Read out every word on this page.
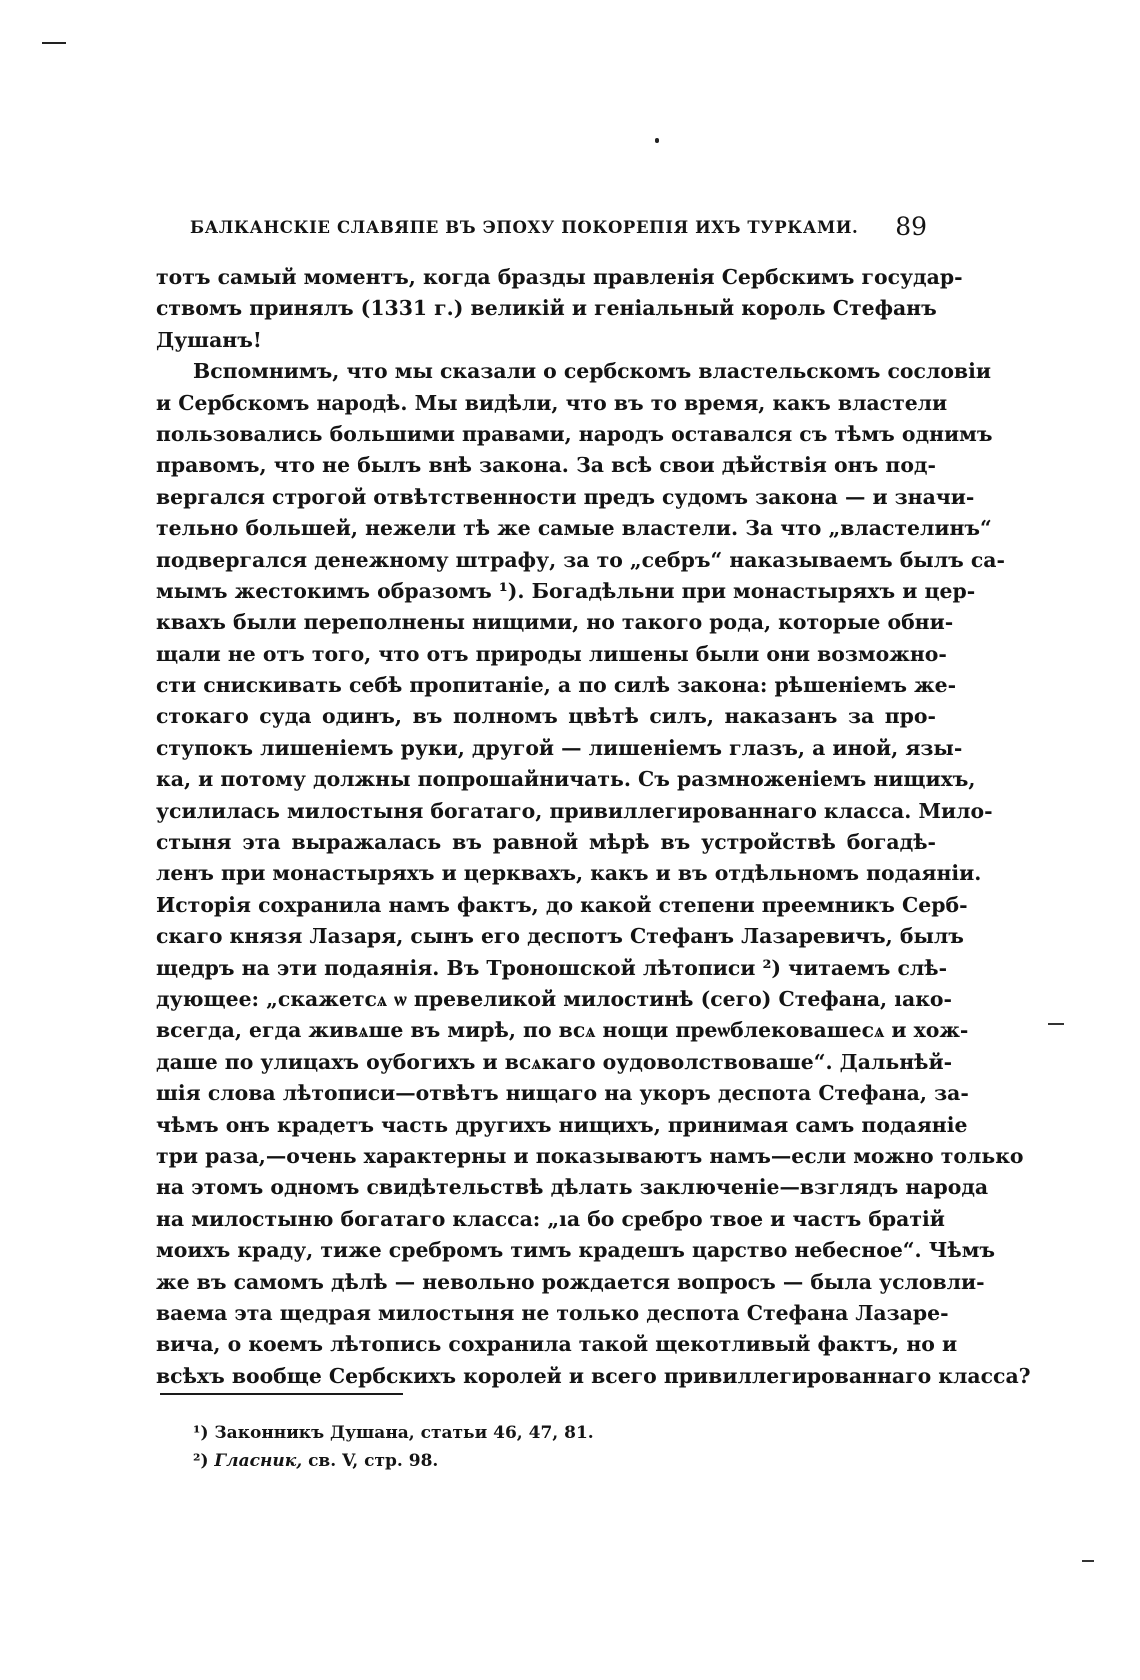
БАЛКАНСКІЕ СЛАВЯПЕ ВЪ ЭПОХУ ПОКОРЕПІЯ ИХЪ ТУРКАМИ. 89
тотъ самый моментъ, когда бразды правленія Сербскимъ государ-
ствомъ принялъ (1331 г.) великій и геніальный король Стефанъ
Душанъ!
Вспомнимъ, что мы сказали о сербскомъ властельскомъ сословіи
и Сербскомъ народѣ. Мы видѣли, что въ то время, какъ властели
пользовались большими правами, народъ оставался съ тѣмъ однимъ
правомъ, что не былъ внѣ закона. За всѣ свои дѣйствія онъ под-
вергался строгой отвѣтственности предъ судомъ закона — и значи-
тельно большей, нежели тѣ же самые властели. За что „властелинъ“
подвергался денежному штрафу, за то „себръ“ наказываемъ былъ са-
мымъ жестокимъ образомъ ¹). Богадѣльни при монастыряхъ и цер-
квахъ были переполнены нищими, но такого рода, которые обни-
щали не отъ того, что отъ природы лишены были они возможно-
сти снискивать себѣ пропитаніе, а по силѣ закона: рѣшеніемъ же-
стокаго суда одинъ, въ полномъ цвѣтѣ силъ, наказанъ за про-
ступокъ лишеніемъ руки, другой — лишеніемъ глазъ, а иной, язы-
ка, и потому должны попрошайничать. Съ размноженіемъ нищихъ,
усилилась милостыня богатаго, привиллегированнаго класса. Мило-
стыня эта выражалась въ равной мѣрѣ въ устройствѣ богадѣ-
ленъ при монастыряхъ и церквахъ, какъ и въ отдѣльномъ подаяніи.
Исторія сохранила намъ фактъ, до какой степени преемникъ Серб-
скаго князя Лазаря, сынъ его деспотъ Стефанъ Лазаревичъ, былъ
щедръ на эти подаянія. Въ Троношской лѣтописи ²) читаемъ слѣ-
дующее: „скажетсѧ ѡ превеликой милостинѣ (сего) Стефана, ıако-
всегда, егда живѧше въ мирѣ, по всѧ нощи преѡблековашесѧ и хож-
даше по улицахъ оубогихъ и всѧкаго оудоволствоваше“. Дальнѣй-
шія слова лѣтописи—отвѣтъ нищаго на укоръ деспота Стефана, за-
чѣмъ онъ крадетъ часть другихъ нищихъ, принимая самъ подаяніе
три раза,—очень характерны и показываютъ намъ—если можно только
на этомъ одномъ свидѣтельствѣ дѣлать заключеніе—взглядъ народа
на милостыню богатаго класса: „ıа бо сребро твое и частъ братій
моихъ краду, тиже сребромъ тимъ крадешъ царство небесное“. Чѣмъ
же въ самомъ дѣлѣ — невольно рождается вопросъ — была условли-
ваема эта щедрая милостыня не только деспота Стефана Лазаре-
вича, о коемъ лѣтопись сохранила такой щекотливый фактъ, но и
всѣхъ вообще Сербскихъ королей и всего привиллегированнаго класса?
¹) Законникъ Душана, статьи 46, 47, 81.
²) Гласник, св. V, стр. 98.
